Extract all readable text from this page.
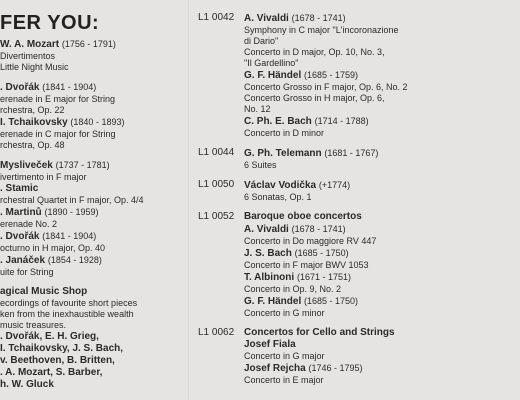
FER YOU:
W. A. Mozart (1756 - 1791)
Divertimentos
Little Night Music
. Dvořák (1841 - 1904)
erenade in E major for String
rchestra, Op. 22
I. Tchaikovsky (1840 - 1893)
erenade in C major for String
rchestra, Op. 48
Mysliveček (1737 - 1781)
ivertimento in F major
. Stamic
rchestral Quartet in F major, Op. 4/4
. Martinů (1890 - 1959)
erenade No. 2
. Dvořák (1841 - 1904)
octurno in H major, Op. 40
. Janáček (1854 - 1928)
uite for String
agical Music Shop
ecordings of favourite short pieces
ken from the inexhaustible wealth
music treasures.
. Dvořák, E. H. Grieg,
I. Tchaikovsky, J. S. Bach,
v. Beethoven, B. Britten,
. A. Mozart, S. Barber,
h. W. Gluck
L1 0042 A. Vivaldi (1678 - 1741)
Symphony in C major "L'incoronazione
di Dario"
Concerto in D major, Op. 10, No. 3,
"Il Gardellino"
G. F. Händel (1685 - 1759)
Concerto Grosso in F major, Op. 6, No. 2
Concerto Grosso in H major, Op. 6,
No. 12
C. Ph. E. Bach (1714 - 1788)
Concerto in D minor
L1 0044 G. Ph. Telemann (1681 - 1767)
6 Suites
L1 0050 Václav Vodička (+1774)
6 Sonatas, Op. 1
L1 0052 Baroque oboe concertos
A. Vivaldi (1678 - 1741)
Concerto in Do maggiore RV 447
J. S. Bach (1685 - 1750)
Concerto in F major BWV 1053
T. Albinoni (1671 - 1751)
Concerto in Op. 9, No. 2
G. F. Händel (1685 - 1750)
Concerto in G minor
L1 0062 Concertos for Cello and Strings
Josef Fiala
Concerto in G major
Josef Rejcha (1746 - 1795)
Concerto in E major
